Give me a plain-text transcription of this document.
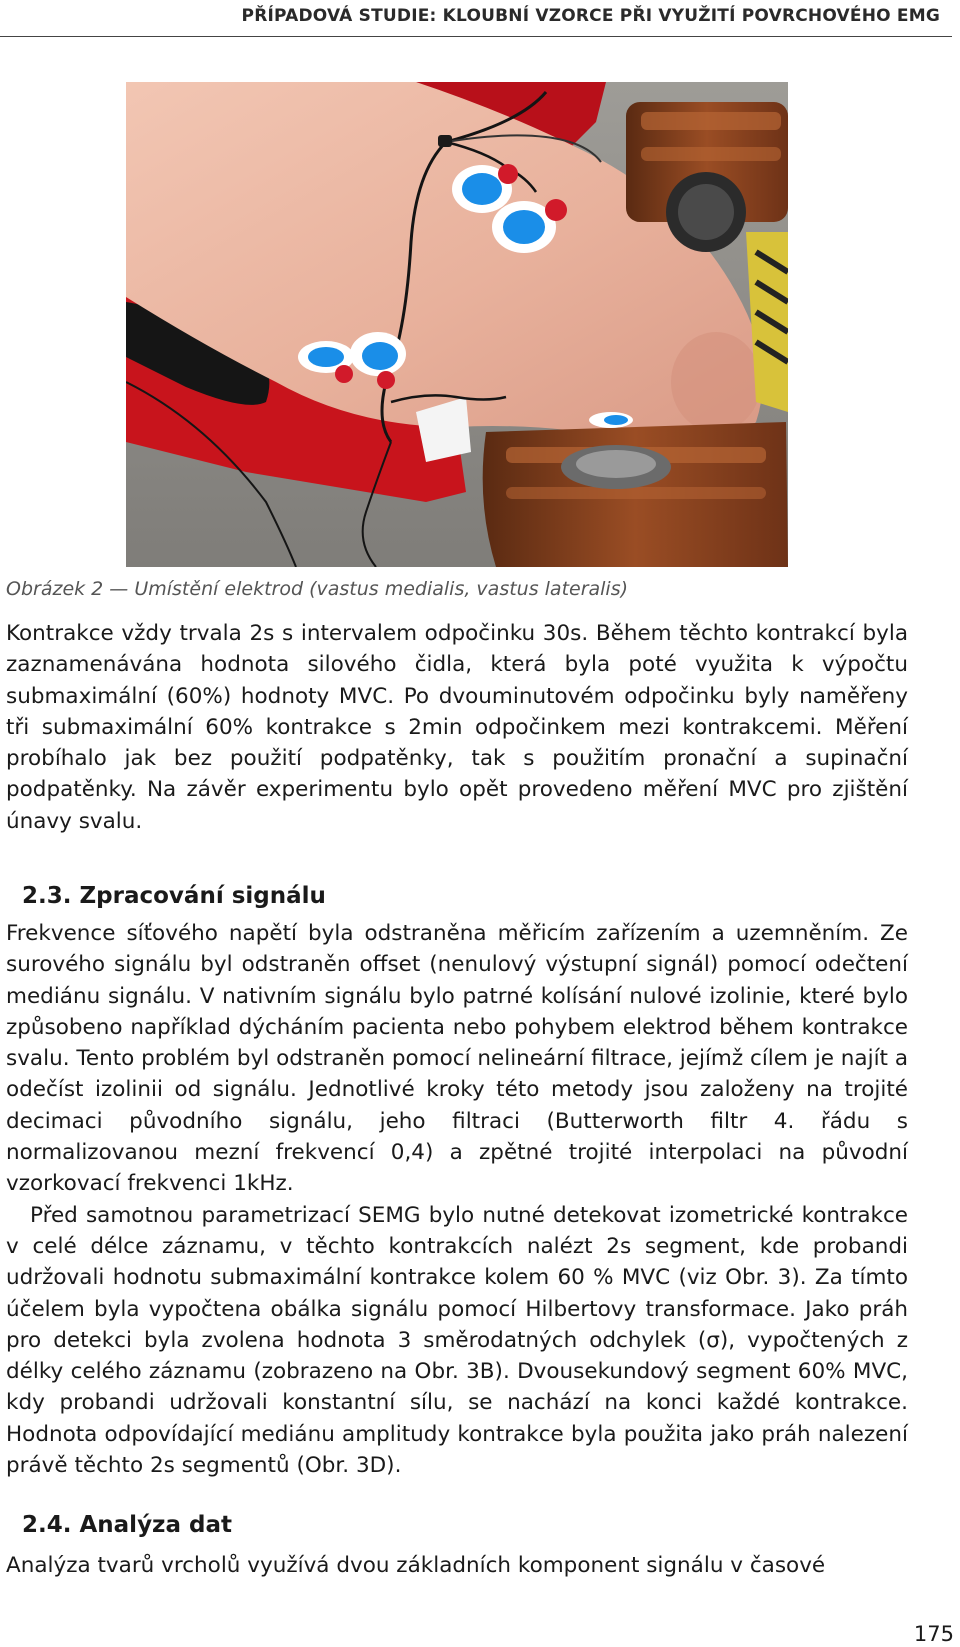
PŘÍPADOVÁ STUDIE: KLOUBNÍ VZORCE PŘI VYUŽITÍ POVRCHOVÉHO EMG
Obrázek 2 — Umístění elektrod (vastus medialis, vastus lateralis)

Kontrakce vždy trvala 2s s intervalem odpočinku 30s. Během těchto kontrakcí byla zaznamenávána hodnota silového čidla, která byla poté využita k výpočtu submaximální (60%) hodnoty MVC. Po dvouminutovém odpočinku byly naměřeny tři submaximální 60% kontrakce s 2min odpočinkem mezi kontrakcemi. Měření probíhalo jak bez použití podpatěnky, tak s použitím pronační a supinační podpatěnky. Na závěr experimentu bylo opět provedeno měření MVC pro zjištění únavy svalu.

2.3. Zpracování signálu

Frekvence síťového napětí byla odstraněna měřicím zařízením a uzemněním. Ze surového signálu byl odstraněn offset (nenulový výstupní signál) pomocí odečtení mediánu signálu. V nativním signálu bylo patrné kolísání nulové izolinie, které bylo způsobeno například dýcháním pacienta nebo pohybem elektrod během kontrakce svalu. Tento problém byl odstraněn pomocí nelineární filtrace, jejímž cílem je najít a odečíst izolinii od signálu. Jednotlivé kroky této metody jsou založeny na trojité decimaci původního signálu, jeho filtraci (Butterworth filtr 4. řádu s normalizovanou mezní frekvencí 0,4) a zpětné trojité interpolaci na původní vzorkovací frekvenci 1kHz.

Před samotnou parametrizací SEMG bylo nutné detekovat izometrické kontrakce v celé délce záznamu, v těchto kontrakcích nalézt 2s segment, kde probandi udržovali hodnotu submaximální kontrakce kolem 60 % MVC (viz Obr. 3). Za tímto účelem byla vypočtena obálka signálu pomocí Hilbertovy transformace. Jako práh pro detekci byla zvolena hodnota 3 směrodatných odchylek (σ), vypočtených z délky celého záznamu (zobrazeno na Obr. 3B). Dvousekundový segment 60% MVC, kdy probandi udržovali konstantní sílu, se nachází na konci každé kontrakce. Hodnota odpovídající mediánu amplitudy kontrakce byla použita jako práh nalezení právě těchto 2s segmentů (Obr. 3D).

2.4. Analýza dat

Analýza tvarů vrcholů využívá dvou základních komponent signálu v časové

175
